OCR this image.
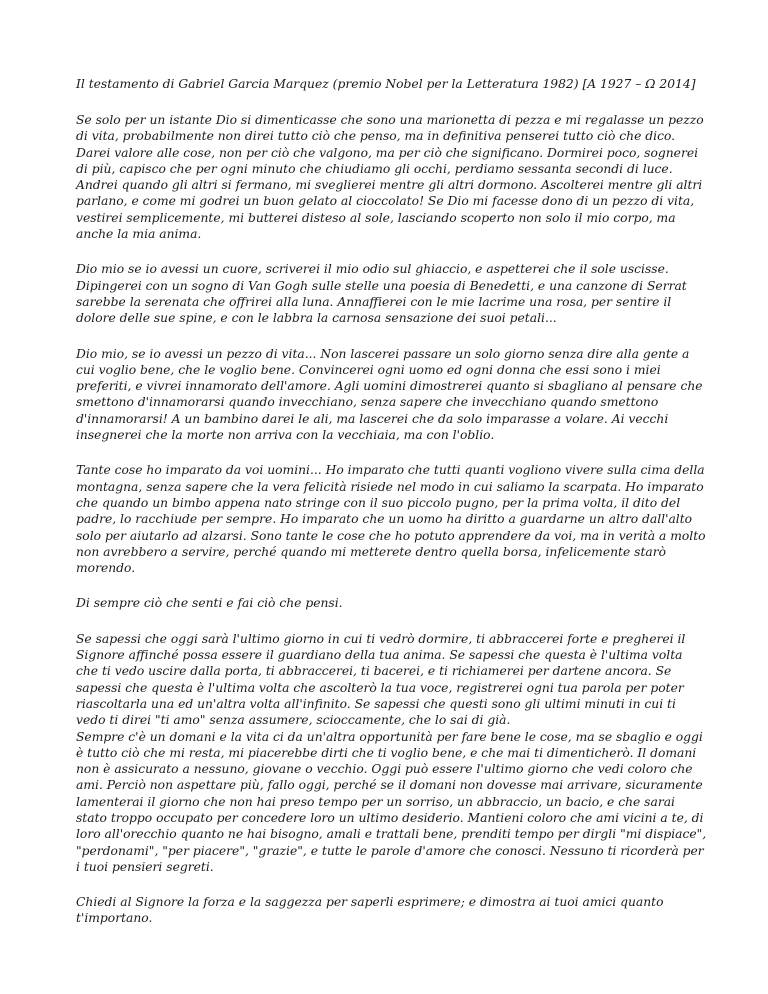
Il testamento di Gabriel Garcia Marquez (premio Nobel per la Letteratura 1982) [A 1927 – Ω 2014]

Se solo per un istante Dio si dimenticasse che sono una marionetta di pezza e mi regalasse un pezzo di vita, probabilmente non direi tutto ciò che penso, ma in definitiva penserei tutto ciò che dico. Darei valore alle cose, non per ciò che valgono, ma per ciò che significano. Dormirei poco, sognerei di più, capisco che per ogni minuto che chiudiamo gli occhi, perdiamo sessanta secondi di luce. Andrei quando gli altri si fermano, mi sveglierei mentre gli altri dormono. Ascolterei mentre gli altri parlano, e come mi godrei un buon gelato al cioccolato! Se Dio mi facesse dono di un pezzo di vita, vestirei semplicemente, mi butterei disteso al sole, lasciando scoperto non solo il mio corpo, ma anche la mia anima.

Dio mio se io avessi un cuore, scriverei il mio odio sul ghiaccio, e aspetterei che il sole uscisse. Dipingerei con un sogno di Van Gogh sulle stelle una poesia di Benedetti, e una canzone di Serrat sarebbe la serenata che offrirei alla luna. Annaffierei con le mie lacrime una rosa, per sentire il dolore delle sue spine, e con le labbra la carnosa sensazione dei suoi petali...

Dio mio, se io avessi un pezzo di vita... Non lascerei passare un solo giorno senza dire alla gente a cui voglio bene, che le voglio bene. Convincerei ogni uomo ed ogni donna che essi sono i miei preferiti, e vivrei innamorato dell'amore. Agli uomini dimostrerei quanto si sbagliano al pensare che smettono d'innamorarsi quando invecchiano, senza sapere che invecchiano quando smettono d'innamorarsi! A un bambino darei le ali, ma lascerei che da solo imparasse a volare. Ai vecchi insegnerei che la morte non arriva con la vecchiaia, ma con l'oblio.

Tante cose ho imparato da voi uomini... Ho imparato che tutti quanti vogliono vivere sulla cima della montagna, senza sapere che la vera felicità risiede nel modo in cui saliamo la scarpata. Ho imparato che quando un bimbo appena nato stringe con il suo piccolo pugno, per la prima volta, il dito del padre, lo racchiude per sempre. Ho imparato che un uomo ha diritto a guardarne un altro dall'alto solo per aiutarlo ad alzarsi. Sono tante le cose che ho potuto apprendere da voi, ma in verità a molto non avrebbero a servire, perché quando mi metterete dentro quella borsa, infelicemente starò morendo.

Di sempre ciò che senti e fai ciò che pensi.

Se sapessi che oggi sarà l'ultimo giorno in cui ti vedrò dormire, ti abbraccerei forte e pregherei il Signore affinché possa essere il guardiano della tua anima. Se sapessi che questa è l'ultima volta che ti vedo uscire dalla porta, ti abbraccerei, ti bacerei, e ti richiamerei per dartene ancora. Se sapessi che questa è l'ultima volta che ascolterò la tua voce, registrerei ogni tua parola per poter riascoltarla una ed un'altra volta all'infinito. Se sapessi che questi sono gli ultimi minuti in cui ti vedo ti direi "ti amo" senza assumere, scioccamente, che lo sai di già.

Sempre c'è un domani e la vita ci da un'altra opportunità per fare bene le cose, ma se sbaglio e oggi è tutto ciò che mi resta, mi piacerebbe dirti che ti voglio bene, e che mai ti dimenticherò. Il domani non è assicurato a nessuno, giovane o vecchio. Oggi può essere l'ultimo giorno che vedi coloro che ami. Perciò non aspettare più, fallo oggi, perché se il domani non dovesse mai arrivare, sicuramente lamenterai il giorno che non hai preso tempo per un sorriso, un abbraccio, un bacio, e che sarai stato troppo occupato per concedere loro un ultimo desiderio. Mantieni coloro che ami vicini a te, di loro all'orecchio quanto ne hai bisogno, amali e trattali bene, prenditi tempo per dirgli "mi dispiace", "perdonami", "per piacere", "grazie", e tutte le parole d'amore che conosci. Nessuno ti ricorderà per i tuoi pensieri segreti.

Chiedi al Signore la forza e la saggezza per saperli esprimere; e dimostra ai tuoi amici quanto t'importano.
